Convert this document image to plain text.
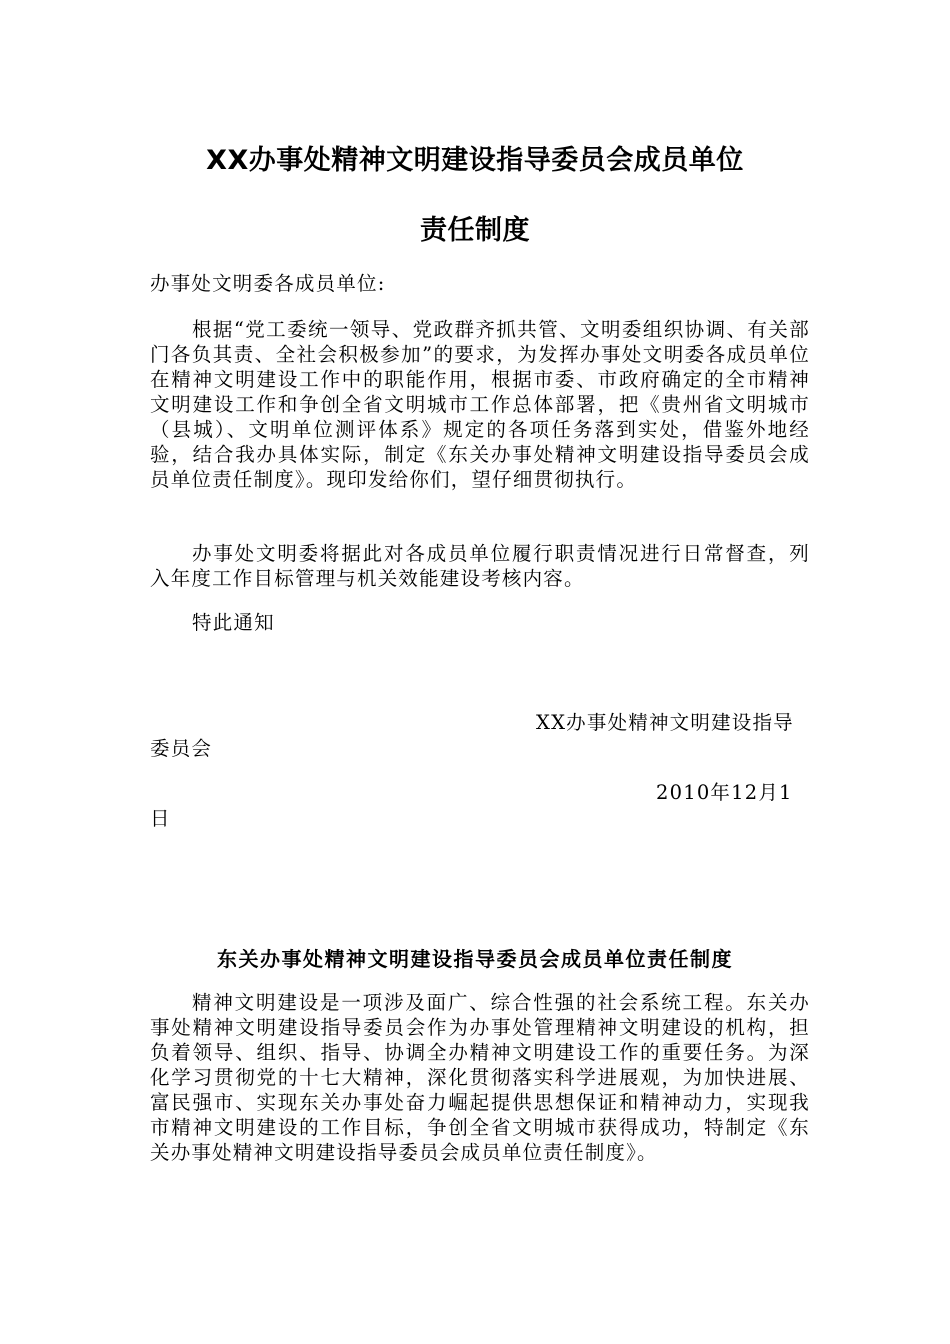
XX办事处精神文明建设指导委员会成员单位
责任制度
办事处文明委各成员单位:
根据“党工委统一领导、党政群齐抓共管、文明委组织协调、有关部门各负其责、全社会积极参加”的要求，为发挥办事处文明委各成员单位在精神文明建设工作中的职能作用，根据市委、市政府确定的全市精神文明建设工作和争创全省文明城市工作总体部署，把《贵州省文明城市（县城）、文明单位测评体系》规定的各项任务落到实处，借鉴外地经验，结合我办具体实际，制定《东关办事处精神文明建设指导委员会成员单位责任制度》。现印发给你们，望仔细贯彻执行。
办事处文明委将据此对各成员单位履行职责情况进行日常督查，列入年度工作目标管理与机关效能建设考核内容。
特此通知
XX办事处精神文明建设指导
委员会
2010年12月1
日
东关办事处精神文明建设指导委员会成员单位责任制度
精神文明建设是一项涉及面广、综合性强的社会系统工程。东关办事处精神文明建设指导委员会作为办事处管理精神文明建设的机构，担负着领导、组织、指导、协调全办精神文明建设工作的重要任务。为深化学习贯彻党的十七大精神，深化贯彻落实科学进展观，为加快进展、富民强市、实现东关办事处奋力崛起提供思想保证和精神动力，实现我市精神文明建设的工作目标，争创全省文明城市获得成功，特制定《东关办事处精神文明建设指导委员会成员单位责任制度》。
